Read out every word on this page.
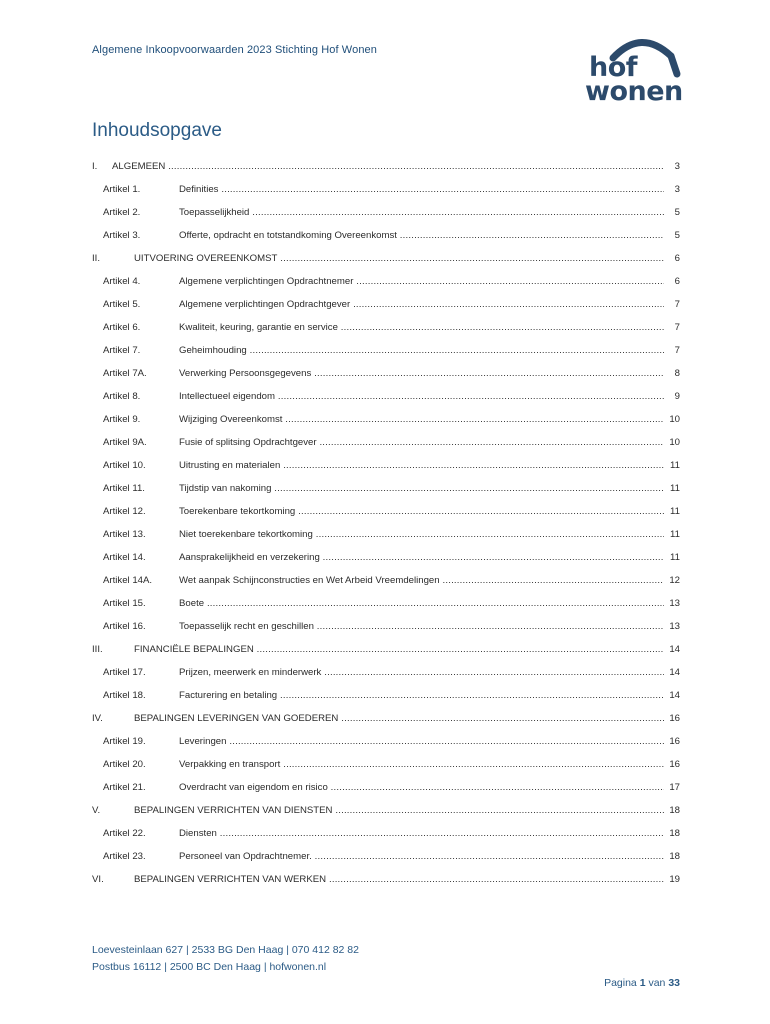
Algemene Inkoopvoorwaarden 2023 Stichting Hof Wonen
hof
wonen
Inhoudsopgave
I. ALGEMEEN .....	3
Artikel 1.	Definities .....	3
Artikel 2.	Toepasselijkheid .....	5
Artikel 3.	Offerte, opdracht en totstandkoming Overeenkomst .....	5
II.	UITVOERING OVEREENKOMST .....	6
Artikel 4.	Algemene verplichtingen Opdrachtnemer .....	6
Artikel 5.	Algemene verplichtingen Opdrachtgever .....	7
Artikel 6.	Kwaliteit, keuring, garantie en service .....	7
Artikel 7.	Geheimhouding .....	7
Artikel 7A.	Verwerking Persoonsgegevens .....	8
Artikel 8.	Intellectueel eigendom .....	9
Artikel 9.	Wijziging Overeenkomst .....	10
Artikel 9A.	Fusie of splitsing Opdrachtgever .....	10
Artikel 10.	Uitrusting en materialen .....	11
Artikel 11.	Tijdstip van nakoming .....	11
Artikel 12.	Toerekenbare tekortkoming .....	11
Artikel 13.	Niet toerekenbare tekortkoming .....	11
Artikel 14.	Aansprakelijkheid en verzekering .....	11
Artikel 14A.	Wet aanpak Schijnconstructies en Wet Arbeid Vreemdelingen .....	12
Artikel 15.	Boete .....	13
Artikel 16.	Toepasselijk recht en geschillen .....	13
III.	FINANCIËLE BEPALINGEN .....	14
Artikel 17.	Prijzen, meerwerk en minderwerk .....	14
Artikel 18.	Facturering en betaling .....	14
IV.	BEPALINGEN LEVERINGEN VAN GOEDEREN .....	16
Artikel 19.	Leveringen .....	16
Artikel 20.	Verpakking en transport .....	16
Artikel 21.	Overdracht van eigendom en risico .....	17
V.	BEPALINGEN VERRICHTEN VAN DIENSTEN .....	18
Artikel 22.	Diensten .....	18
Artikel 23.	Personeel van Opdrachtnemer. .....	18
VI.	BEPALINGEN VERRICHTEN VAN WERKEN .....	19
Loevesteinlaan 627 | 2533 BG Den Haag | 070 412 82 82
Postbus 16112 | 2500 BC Den Haag | hofwonen.nl
Pagina 1 van 33
